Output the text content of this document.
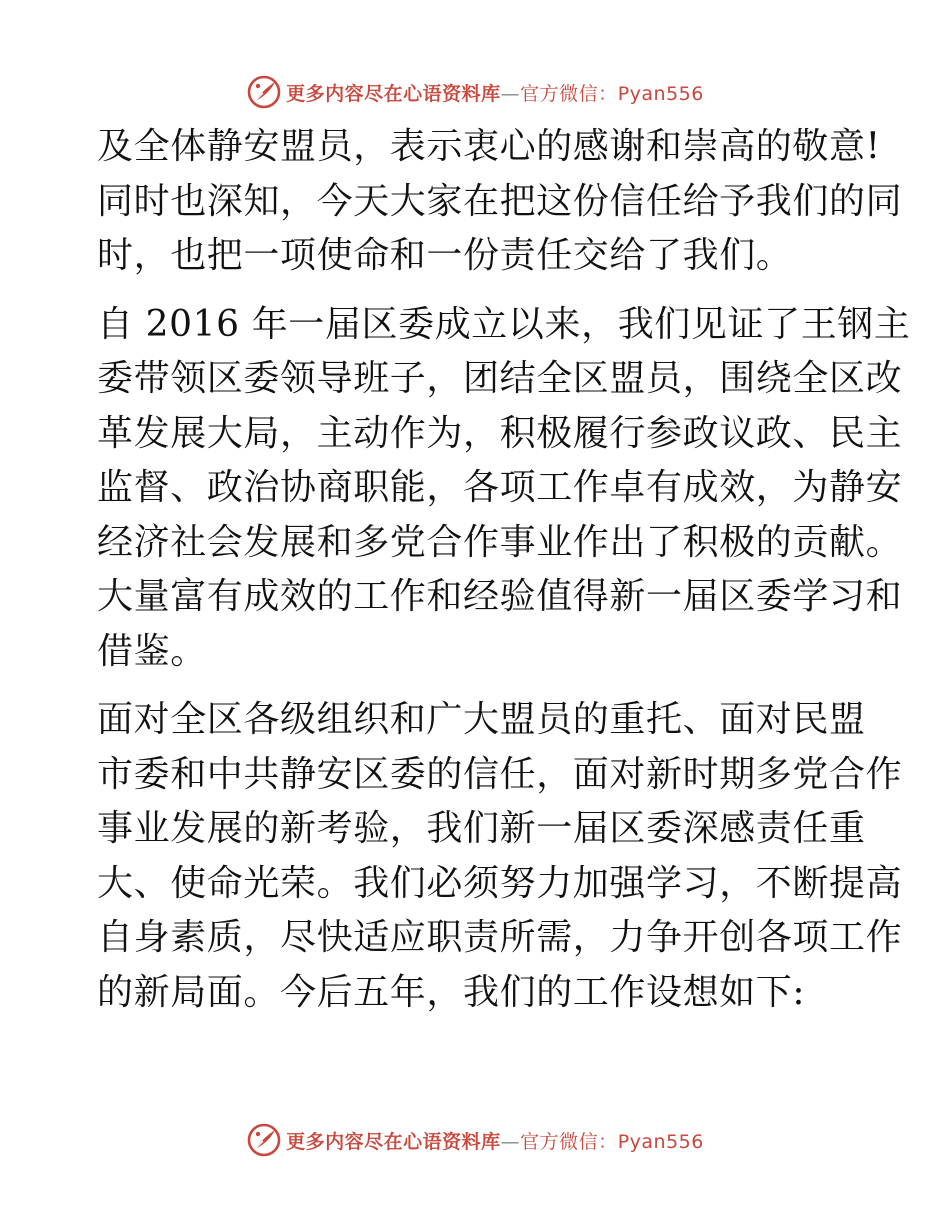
更多内容尽在心语资料库—官方微信：Pyan556

及全体静安盟员，表示衷心的感谢和崇高的敬意!
同时也深知，今天大家在把这份信任给予我们的同
时，也把一项使命和一份责任交给了我们。

自 2016 年一届区委成立以来，我们见证了王钢主
委带领区委领导班子，团结全区盟员，围绕全区改
革发展大局，主动作为，积极履行参政议政、民主
监督、政治协商职能，各项工作卓有成效，为静安
经济社会发展和多党合作事业作出了积极的贡献。
大量富有成效的工作和经验值得新一届区委学习和
借鉴。

面对全区各级组织和广大盟员的重托、面对民盟
市委和中共静安区委的信任，面对新时期多党合作
事业发展的新考验，我们新一届区委深感责任重
大、使命光荣。我们必须努力加强学习，不断提高
自身素质，尽快适应职责所需，力争开创各项工作
的新局面。今后五年，我们的工作设想如下:

更多内容尽在心语资料库—官方微信：Pyan556
